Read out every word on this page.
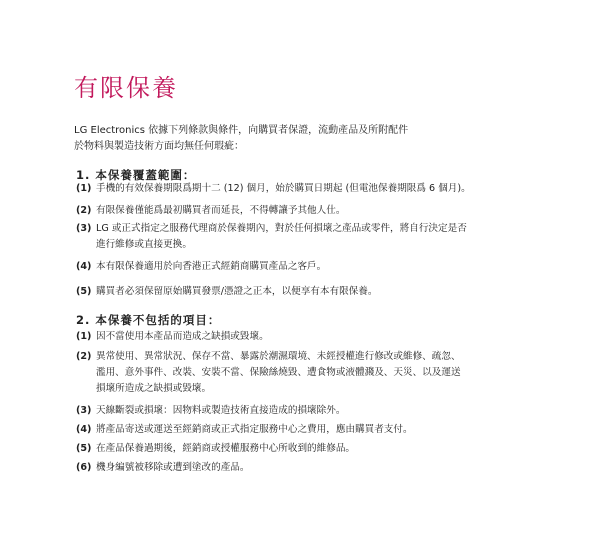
有限保養

LG Electronics 依據下列條款與條件，向購買者保證，流動產品及所附配件
於物料與製造技術方面均無任何瑕疵：

1. 本保養覆蓋範圍：
(1) 手機的有效保養期限爲期十二 (12) 個月，始於購買日期起 (但電池保養期限爲 6 個月)。
(2) 有限保養僅能爲最初購買者而延長，不得轉讓予其他人仕。
(3) LG 或正式指定之服務代理商於保養期內，對於任何損壞之產品或零件，將自行決定是否
進行維修或直接更換。
(4) 本有限保養適用於向香港正式經銷商購買產品之客戶。
(5) 購買者必須保留原始購買發票/憑證之正本，以便享有本有限保養。
2. 本保養不包括的項目：
(1) 因不當使用本產品而造成之缺損或毀壞。
(2) 異常使用、異常狀況、保存不當、暴露於潮濕環境、未經授權進行修改或維修、疏忽、
濫用、意外事件、改裝、安裝不當、保險絲燒毀、遭食物或液體濺及、天災、以及運送
損壞所造成之缺損或毀壞。
(3) 天線斷裂或損壞：因物料或製造技術直接造成的損壞除外。
(4) 將產品寄送或運送至經銷商或正式指定服務中心之費用，應由購買者支付。
(5) 在產品保養過期後，經銷商或授權服務中心所收到的維修品。
(6) 機身編號被移除或遭到塗改的產品。
